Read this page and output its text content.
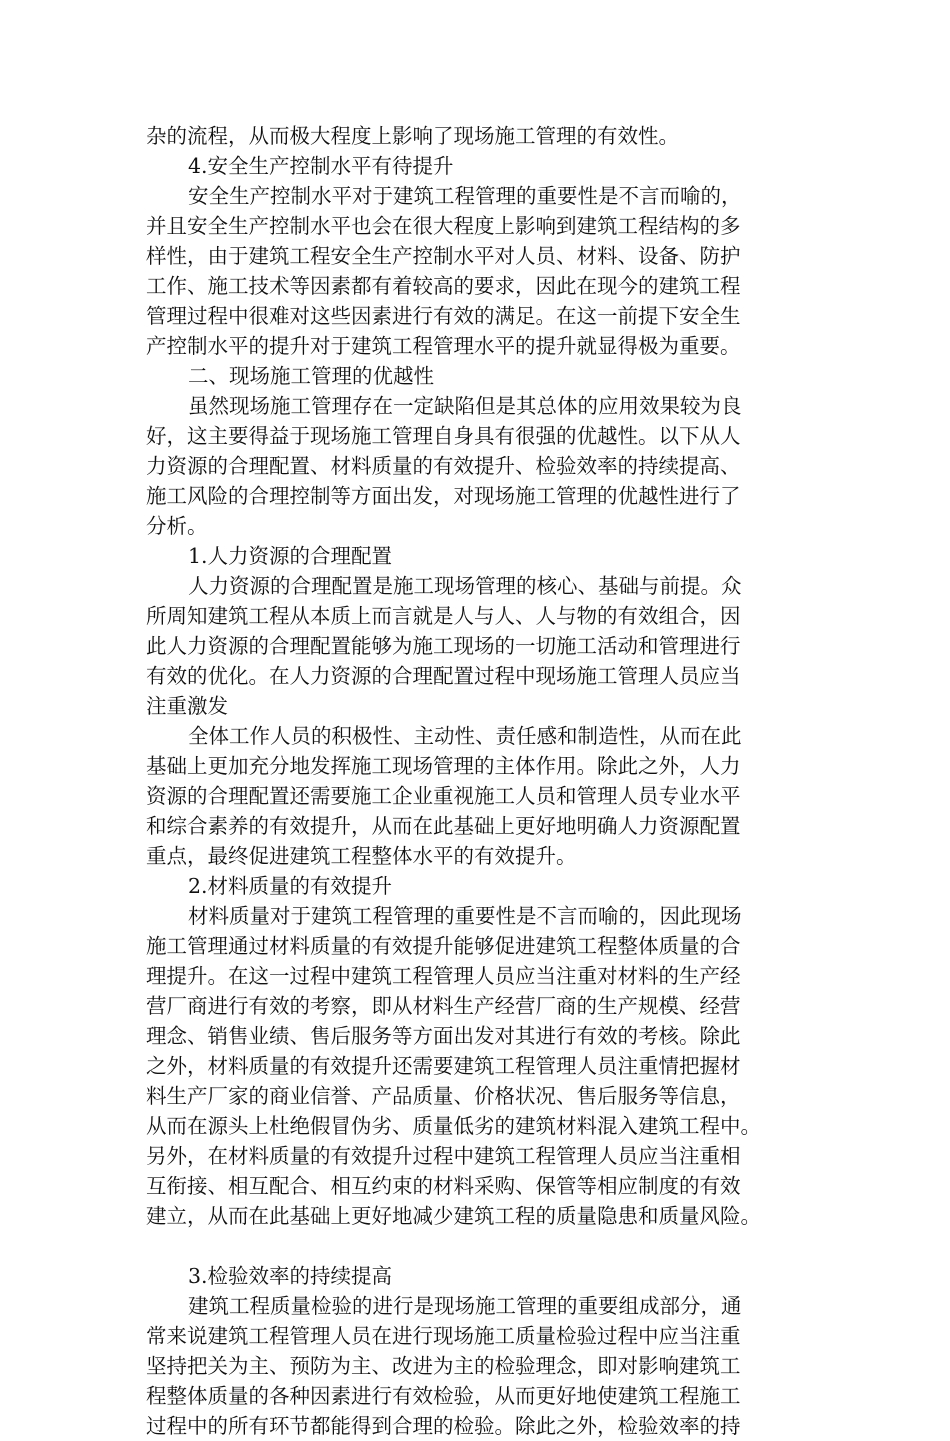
杂的流程，从而极大程度上影响了现场施工管理的有效性。
4.安全生产控制水平有待提升
安全生产控制水平对于建筑工程管理的重要性是不言而喻的，
并且安全生产控制水平也会在很大程度上影响到建筑工程结构的多
样性，由于建筑工程安全生产控制水平对人员、材料、设备、防护
工作、施工技术等因素都有着较高的要求，因此在现今的建筑工程
管理过程中很难对这些因素进行有效的满足。在这一前提下安全生
产控制水平的提升对于建筑工程管理水平的提升就显得极为重要。
二、现场施工管理的优越性
虽然现场施工管理存在一定缺陷但是其总体的应用效果较为良
好，这主要得益于现场施工管理自身具有很强的优越性。以下从人
力资源的合理配置、材料质量的有效提升、检验效率的持续提高、
施工风险的合理控制等方面出发，对现场施工管理的优越性进行了
分析。
1.人力资源的合理配置
人力资源的合理配置是施工现场管理的核心、基础与前提。众
所周知建筑工程从本质上而言就是人与人、人与物的有效组合，因
此人力资源的合理配置能够为施工现场的一切施工活动和管理进行
有效的优化。在人力资源的合理配置过程中现场施工管理人员应当
注重激发
全体工作人员的积极性、主动性、责任感和制造性，从而在此
基础上更加充分地发挥施工现场管理的主体作用。除此之外，人力
资源的合理配置还需要施工企业重视施工人员和管理人员专业水平
和综合素养的有效提升，从而在此基础上更好地明确人力资源配置
重点，最终促进建筑工程整体水平的有效提升。
2.材料质量的有效提升
材料质量对于建筑工程管理的重要性是不言而喻的，因此现场
施工管理通过材料质量的有效提升能够促进建筑工程整体质量的合
理提升。在这一过程中建筑工程管理人员应当注重对材料的生产经
营厂商进行有效的考察，即从材料生产经营厂商的生产规模、经营
理念、销售业绩、售后服务等方面出发对其进行有效的考核。除此
之外，材料质量的有效提升还需要建筑工程管理人员注重情把握材
料生产厂家的商业信誉、产品质量、价格状况、售后服务等信息，
从而在源头上杜绝假冒伪劣、质量低劣的建筑材料混入建筑工程中。
另外，在材料质量的有效提升过程中建筑工程管理人员应当注重相
互衔接、相互配合、相互约束的材料采购、保管等相应制度的有效
建立，从而在此基础上更好地减少建筑工程的质量隐患和质量风险。
3.检验效率的持续提高
建筑工程质量检验的进行是现场施工管理的重要组成部分，通
常来说建筑工程管理人员在进行现场施工质量检验过程中应当注重
坚持把关为主、预防为主、改进为主的检验理念，即对影响建筑工
程整体质量的各种因素进行有效检验，从而更好地使建筑工程施工
过程中的所有环节都能得到合理的检验。除此之外，检验效率的持
